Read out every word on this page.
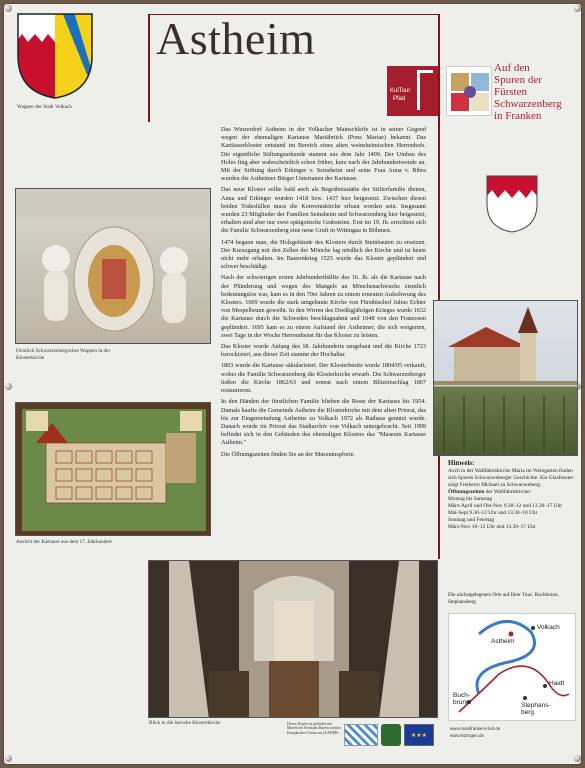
Wappen der Stadt Volkach
Astheim
KulTour
Pfad
Auf den
Spuren der
Fürsten
Schwarzenberg
in Franken

Das Winzerdorf Astheim in der Volkacher Mainschleife ist in seiner Gegend wegen der ehemaligen Kartause Mariäbrück (Pons Mariae) bekannt. Das Kartäuserkloster entstand im Bereich eines alten weinsheimischen Herrenhofs. Die eigentliche Stiftungsurkunde stammt aus dem Jahr 1409. Der Umbau des Hofes fing aber wahrscheinlich schon früher, kurz nach der Jahrhundertwende an. Mit der Stiftung durch Erkinger v. Seinsheim und seine Frau Anna v. Bibra wurden die Astheimer Bürger Untertanen der Kartause.

Das neue Kloster sollte bald auch als Begräbnisstätte der Stifterfamilie dienen, Anna und Erkinger wurden 1418 bzw. 1437 hier beigesetzt. Zwischen diesen beiden Todesfällen muss die Konventskirche erbaut worden sein. Insgesamt wurden 23 Mitglieder der Familien Seinsheim und Schwarzenberg hier beigesetzt, erhalten sind aber nur zwei spätgotische Grabsteine. Erst im 19. Jh. errichtete sich die Familie Schwarzenberg eine neue Gruft in Wittingau in Böhmen.

1474 begann man, die Holzgebäude des Klosters durch Steinbauten zu ersetzen. Der Kreuzgang mit den Zellen der Mönche lag nördlich der Kirche und ist heute nicht mehr erhalten. Im Bauernkrieg 1525 wurde das Kloster geplündert und schwer beschädigt.

Nach der schwierigen ersten Jahrhunderthälfte des 16. Jh. als die Kartause nach der Plünderung und wegen des Mangels an Mönchsnachwuchs ziemlich bedeutungslos war, kam es in den 70er Jahren zu einem erneuten Aufschwung des Klosters. 1609 wurde die stark umgebaute Kirche von Fürstbischof Julius Echter von Mespelbrunn geweiht. In den Wirren des Dreißigjährigen Krieges wurde 1632 die Kartause durch die Schweden beschlagnahmt und 1648 von den Franzosen geplündert. 1695 kam es zu einem Aufstand der Astheimer, die sich weigerten, zwei Tage in der Woche Herrendienst für das Kloster zu leisten.

Das Kloster wurde Anfang des 18. Jahrhunderts umgebaut und die Kirche 1723 barockisiert, aus dieser Zeit stammt der Hochaltar.

1803 wurde die Kartause säkularisiert. Der Klosterbesitz wurde 1804/05 verkauft, wobei die Familie Schwarzenberg die Klosterkirche erwarb. Die Schwarzenberger ließen die Kirche 1862/63 und erneut nach einem Blitzeinschlag 1867 restaurieren.

In den Händen der fürstlichen Familie blieben die Reste der Kartause bis 1954. Damals kaufte die Gemeinde Astheim die Klosterkirche mit dem alten Priorat, das bis zur Eingemeindung Astheims zu Volkach 1972 als Rathaus genutzt wurde. Danach wurde im Priorat das Stadtarchiv von Volkach untergebracht. Seit 1999 befindet sich in den Gebäuden des ehemaligen Klosters das "Museum Kartause Astheim."

Die Öffnungszeiten finden Sie an der Museumspforte.

Fürstlich Schwarzenbergsches Wappen in der Klosterkirche
Ansicht der Kartause aus dem 17. Jahrhundert
Blick in die barocke Klosterkirche
Hinweis:
Auch in der Wallfahrtskirche Maria im Weingarten finden sich Spuren Schwarzenberger Geschichte. Ein Glasfenster zeigt Freiherrn Michael zu Schwarzenberg.
Öffnungszeiten der Wallfahrtskirche:
Montag bis Samstag
März-April und Okt-Nov 9.30–12 und 13.30–17 Uhr
Mai-Sept 9.30–12 Uhr und 13.30–18 Uhr
Sonntag und Feiertag
März-Nov 10–12 Uhr und 13.30–17 Uhr
Die nächstgelegenen Orte auf Ihrer Tour: Buchbrunn, Stephansberg
Astheim
Volkach
Haidt
Buch-
brunn	Stephans-
berg
Dieses Projekt ist gefördert mit Mitteln des Freistaats Bayern und der Europäischen Union aus LEADER+
★★★
www.mainfrankens-leb.de
www.kitzingen.de
